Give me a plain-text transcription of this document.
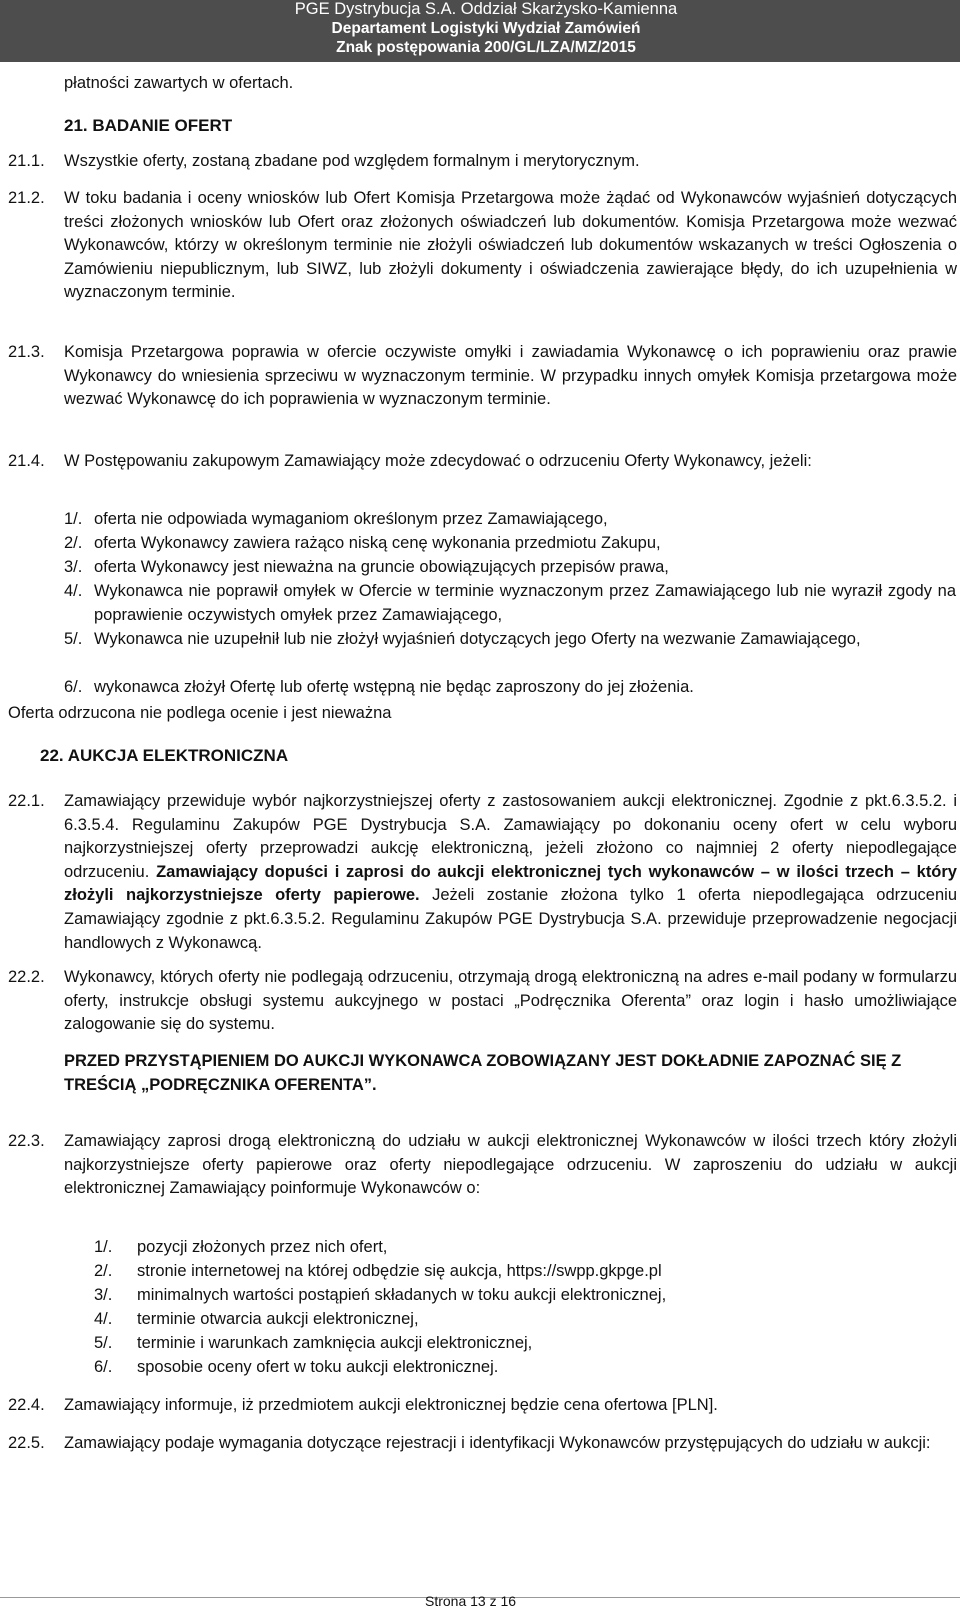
PGE Dystrybucja S.A. Oddział Skarżysko-Kamienna
Departament Logistyki Wydział Zamówień
Znak postępowania 200/GL/LZA/MZ/2015
płatności zawartych w ofertach.
21. BADANIE OFERT
21.1. Wszystkie oferty, zostaną zbadane pod względem formalnym i merytorycznym.
21.2. W toku badania i oceny wniosków lub Ofert Komisja Przetargowa może żądać od Wykonawców wyjaśnień dotyczących treści złożonych wniosków lub Ofert oraz złożonych oświadczeń lub dokumentów. Komisja Przetargowa może wezwać Wykonawców, którzy w określonym terminie nie złożyli oświadczeń lub dokumentów wskazanych w treści Ogłoszenia o Zamówieniu niepublicznym, lub SIWZ, lub złożyli dokumenty i oświadczenia zawierające błędy, do ich uzupełnienia w wyznaczonym terminie.
21.3. Komisja Przetargowa poprawia w ofercie oczywiste omyłki i zawiadamia Wykonawcę o ich poprawieniu oraz prawie Wykonawcy do wniesienia sprzeciwu w wyznaczonym terminie. W przypadku innych omyłek Komisja przetargowa może wezwać Wykonawcę do ich poprawienia w wyznaczonym terminie.
21.4. W Postępowaniu zakupowym Zamawiający może zdecydować o odrzuceniu Oferty Wykonawcy, jeżeli:
1/. oferta nie odpowiada wymaganiom określonym przez Zamawiającego,
2/. oferta Wykonawcy zawiera rażąco niską cenę wykonania przedmiotu Zakupu,
3/. oferta Wykonawcy jest nieważna na gruncie obowiązujących przepisów prawa,
4/. Wykonawca nie poprawił omyłek w Ofercie w terminie wyznaczonym przez Zamawiającego lub nie wyraził zgody na poprawienie oczywistych omyłek przez Zamawiającego,
5/. Wykonawca nie uzupełnił lub nie złożył wyjaśnień dotyczących jego Oferty na wezwanie Zamawiającego,
6/. wykonawca złożył Ofertę lub ofertę wstępną nie będąc zaproszony do jej złożenia.
Oferta odrzucona nie podlega ocenie i jest nieważna
22. AUKCJA ELEKTRONICZNA
22.1. Zamawiający przewiduje wybór najkorzystniejszej oferty z zastosowaniem aukcji elektronicznej. Zgodnie z pkt.6.3.5.2. i 6.3.5.4. Regulaminu Zakupów PGE Dystrybucja S.A. Zamawiający po dokonaniu oceny ofert w celu wyboru najkorzystniejszej oferty przeprowadzi aukcję elektroniczną, jeżeli złożono co najmniej 2 oferty niepodlegające odrzuceniu. Zamawiający dopuści i zaprosi do aukcji elektronicznej tych wykonawców – w ilości trzech – który złożyli najkorzystniejsze oferty papierowe. Jeżeli zostanie złożona tylko 1 oferta niepodlegająca odrzuceniu Zamawiający zgodnie z pkt.6.3.5.2. Regulaminu Zakupów PGE Dystrybucja S.A. przewiduje przeprowadzenie negocjacji handlowych z Wykonawcą.
22.2. Wykonawcy, których oferty nie podlegają odrzuceniu, otrzymają drogą elektroniczną na adres e-mail podany w formularzu oferty, instrukcje obsługi systemu aukcyjnego w postaci „Podręcznika Oferenta” oraz login i hasło umożliwiające zalogowanie się do systemu.
PRZED PRZYSTĄPIENIEM DO AUKCJI WYKONAWCA ZOBOWIĄZANY JEST DOKŁADNIE ZAPOZNAĆ SIĘ Z TREŚCIĄ „PODRĘCZNIKA OFERENTA”.
22.3. Zamawiający zaprosi drogą elektroniczną do udziału w aukcji elektronicznej Wykonawców w ilości trzech który złożyli najkorzystniejsze oferty papierowe oraz oferty niepodlegające odrzuceniu. W zaproszeniu do udziału w aukcji elektronicznej Zamawiający poinformuje Wykonawców o:
1/. pozycji złożonych przez nich ofert,
2/. stronie internetowej na której odbędzie się aukcja, https://swpp.gkpge.pl
3/. minimalnych wartości postąpień składanych w toku aukcji elektronicznej,
4/. terminie otwarcia aukcji elektronicznej,
5/. terminie i warunkach zamknięcia aukcji elektronicznej,
6/. sposobie oceny ofert w toku aukcji elektronicznej.
22.4. Zamawiający informuje, iż przedmiotem aukcji elektronicznej będzie cena ofertowa [PLN].
22.5. Zamawiający podaje wymagania dotyczące rejestracji i identyfikacji Wykonawców przystępujących do udziału w aukcji:
Strona 13 z 16
